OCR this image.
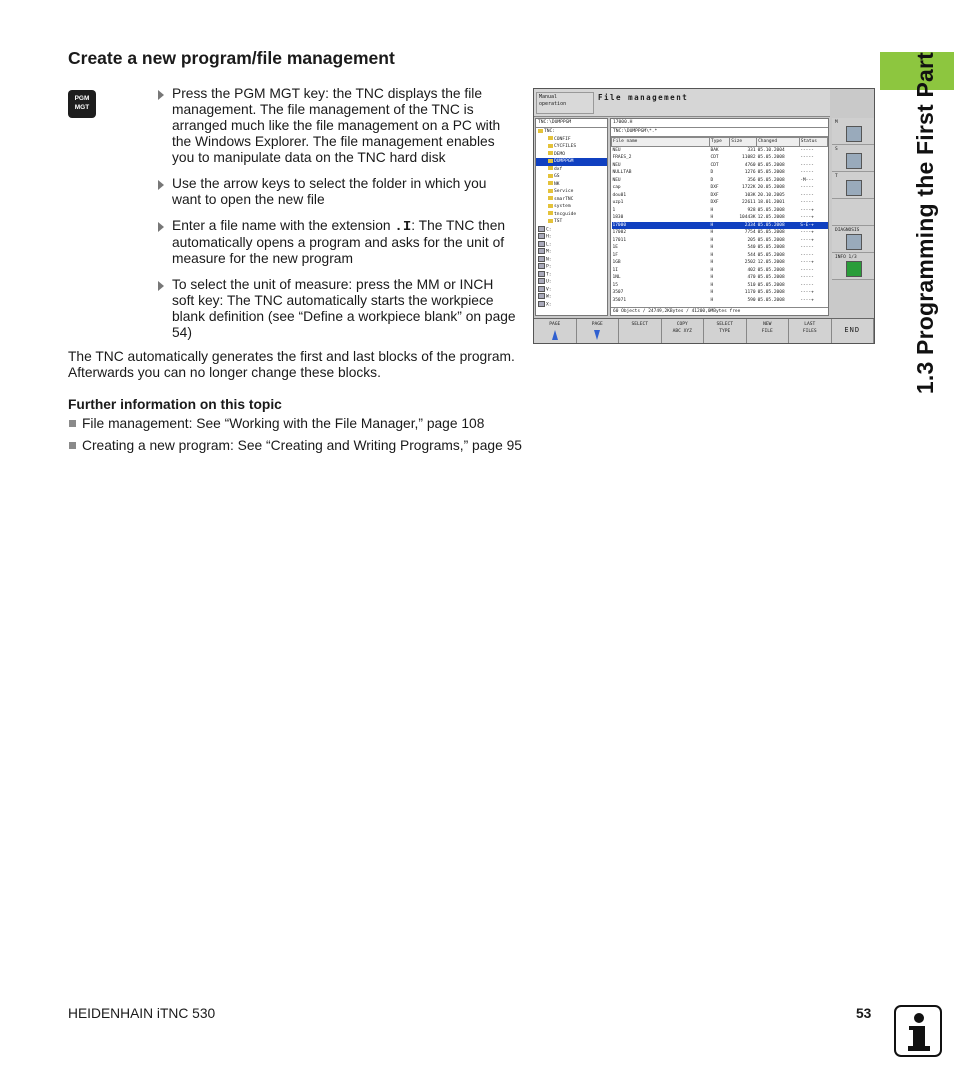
1.3 Programming the First Part
Create a new program/file management
PGM
MGT
Press the PGM MGT key: the TNC displays the file management. The file management of the TNC is arranged much like the file management on a PC with the Windows Explorer. The file management enables you to manipulate data on the TNC hard disk
Use the arrow keys to select the folder in which you want to open the new file
Enter a file name with the extension .I: The TNC then automatically opens a program and asks for the unit of measure for the new program
To select the unit of measure: press the MM or INCH soft key: The TNC automatically starts the workpiece blank definition (see “Define a workpiece blank” on page 54)

The TNC automatically generates the first and last blocks of the program. Afterwards you can no longer change these blocks.

Further information on this topic

File management: See “Working with the File Manager,” page 108
Creating a new program: See “Creating and Writing Programs,” page 95
HEIDENHAIN iTNC 530	53
Manual
operation
File management
TNC:\DUMPPGM
TNC:
CONFIF
CYCFILES
DEMO
DUMPPGM
dxf
GS
NK
Service
smarTNC
system
tncguide
TST
C:
H:
L:
M:
N:
P:
T:
U:
V:
W:
X:
17000.H
TNC:\DUMPPGM\*.*
File name	Type	Size	Changed	Status
NEU	BAK	331	05.10.2004	-----
FRAES_2	CDT	11082	05.05.2008	-----
NEU	CDT	4760	05.05.2008	-----
NULLTAB	D	1276	05.05.2008	-----
NEU	D	356	05.05.2008	-M---
cap	DXF	1722K	20.05.2008	-----
dou01	DXF	103K	20.10.2005	-----
uzp1	DXF	22611	18.01.2001	-----
1	H	928	05.05.2008	----+
1830	H	10443K	12.05.2008	----+
17000	H	2334	05.05.2008	S-E-+
17002	H	7754	05.05.2008	----+
17011	H	205	05.05.2008	----+
1E	H	540	05.05.2008	-----
1F	H	544	05.05.2008	-----
1GB	H	2502	12.05.2008	----+
1I	H	402	05.05.2008	-----
1NL	H	470	05.05.2008	-----
15	H	510	05.05.2008	-----
3507	H	1170	05.05.2008	----+
35071	H	590	05.05.2008	----+
60 Objects / 24749,2KBytes / 41200,0MBytes free
M
S
T
DIAGNOSIS
INFO 1/3
PAGE	PAGE	SELECT	COPY
ABC XYZ
SELECT
TYPE
NEW
FILE
LAST
FILES	END
